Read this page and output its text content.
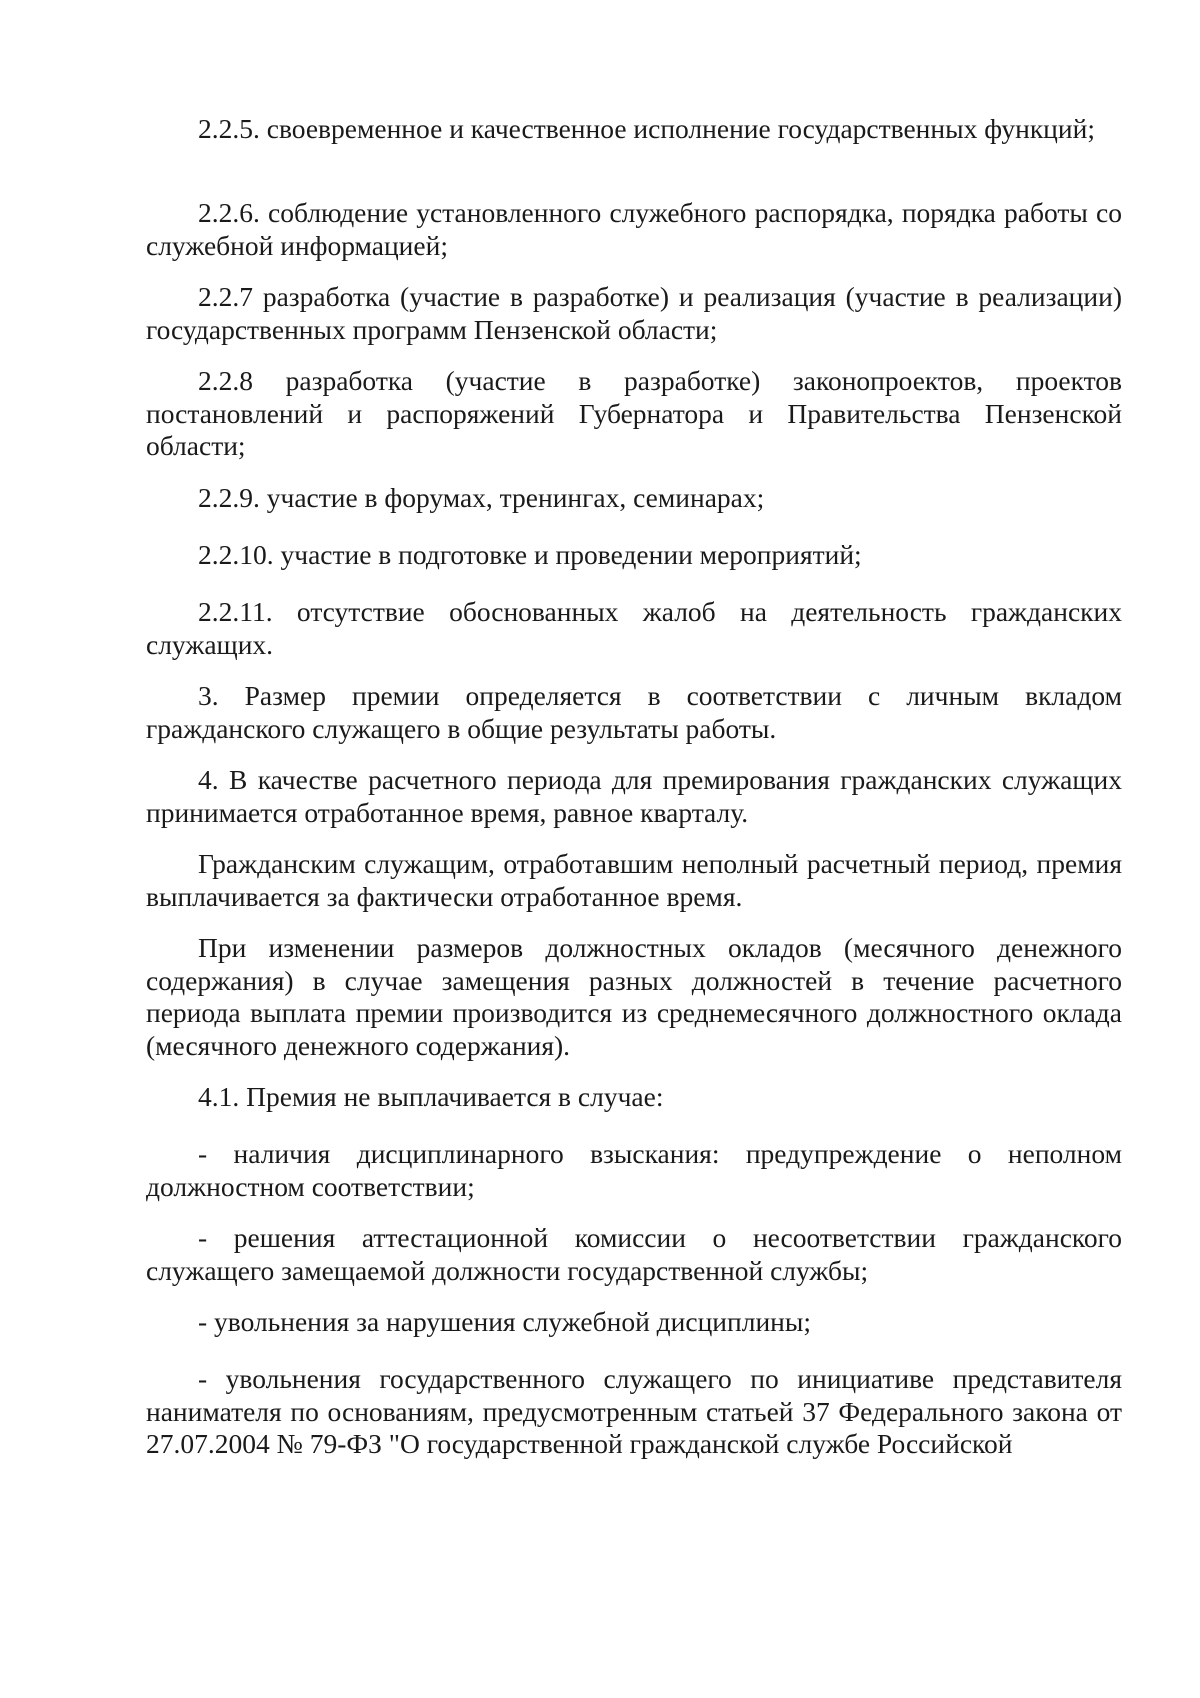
2.2.5. своевременное и качественное исполнение государственных функций;

2.2.6. соблюдение установленного служебного распорядка, порядка работы со служебной информацией;

2.2.7 разработка (участие в разработке) и реализация (участие в реализации) государственных программ Пензенской области;

2.2.8 разработка (участие в разработке) законопроектов, проектов постановлений и распоряжений Губернатора и Правительства Пензенской области;

2.2.9. участие в форумах, тренингах, семинарах;

2.2.10. участие в подготовке и проведении мероприятий;

2.2.11. отсутствие обоснованных жалоб на деятельность гражданских служащих.

3. Размер премии определяется в соответствии с личным вкладом гражданского служащего в общие результаты работы.

4. В качестве расчетного периода для премирования гражданских служащих принимается отработанное время, равное кварталу.

Гражданским служащим, отработавшим неполный расчетный период, премия выплачивается за фактически отработанное время.

При изменении размеров должностных окладов (месячного денежного содержания) в случае замещения разных должностей в течение расчетного периода выплата премии производится из среднемесячного должностного оклада (месячного денежного содержания).

4.1. Премия не выплачивается в случае:

- наличия дисциплинарного взыскания: предупреждение о неполном должностном соответствии;

- решения аттестационной комиссии о несоответствии гражданского служащего замещаемой должности государственной службы;

- увольнения за нарушения служебной дисциплины;

- увольнения государственного служащего по инициативе представителя нанимателя по основаниям, предусмотренным статьей 37 Федерального закона от 27.07.2004 № 79-ФЗ "О государственной гражданской службе Российской
